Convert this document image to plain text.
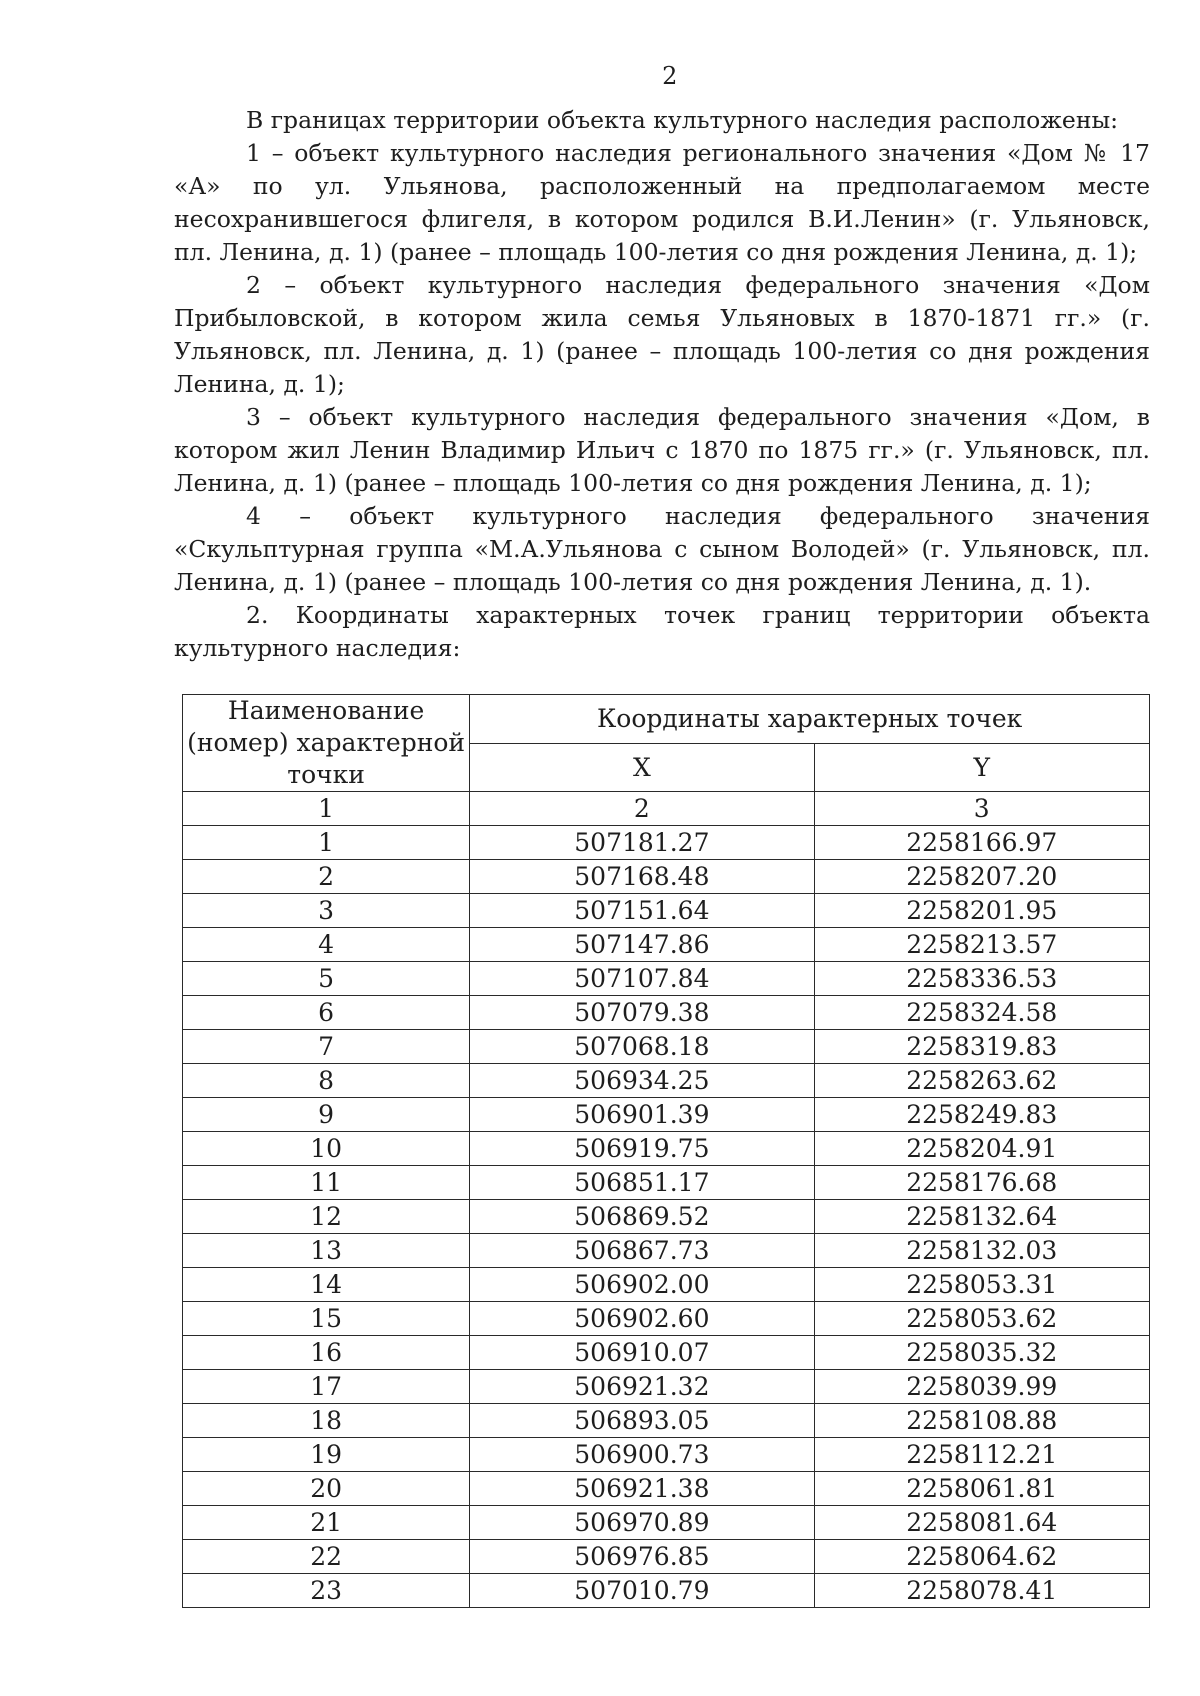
2

В границах территории объекта культурного наследия расположены:

1 – объект культурного наследия регионального значения «Дом № 17 «А» по ул. Ульянова, расположенный на предполагаемом месте несохранившегося флигеля, в котором родился В.И.Ленин» (г. Ульяновск, пл. Ленина, д. 1) (ранее – площадь 100-летия со дня рождения Ленина, д. 1);

2 – объект культурного наследия федерального значения «Дом Прибыловской, в котором жила семья Ульяновых в 1870-1871 гг.» (г. Ульяновск, пл. Ленина, д. 1) (ранее – площадь 100-летия со дня рождения Ленина, д. 1);

3 – объект культурного наследия федерального значения «Дом, в котором жил Ленин Владимир Ильич с 1870 по 1875 гг.» (г. Ульяновск, пл. Ленина, д. 1) (ранее – площадь 100-летия со дня рождения Ленина, д. 1);

4 – объект культурного наследия федерального значения «Скульптурная группа «М.А.Ульянова с сыном Володей» (г. Ульяновск, пл. Ленина, д. 1) (ранее – площадь 100-летия со дня рождения Ленина, д. 1).

2. Координаты характерных точек границ территории объекта культурного наследия:

Наименование (номер) характерной точки	Координаты характерных точек	
	X	Y
1	2	3
1	507181.27	2258166.97
2	507168.48	2258207.20
3	507151.64	2258201.95
4	507147.86	2258213.57
5	507107.84	2258336.53
6	507079.38	2258324.58
7	507068.18	2258319.83
8	506934.25	2258263.62
9	506901.39	2258249.83
10	506919.75	2258204.91
11	506851.17	2258176.68
12	506869.52	2258132.64
13	506867.73	2258132.03
14	506902.00	2258053.31
15	506902.60	2258053.62
16	506910.07	2258035.32
17	506921.32	2258039.99
18	506893.05	2258108.88
19	506900.73	2258112.21
20	506921.38	2258061.81
21	506970.89	2258081.64
22	506976.85	2258064.62
23	507010.79	2258078.41
